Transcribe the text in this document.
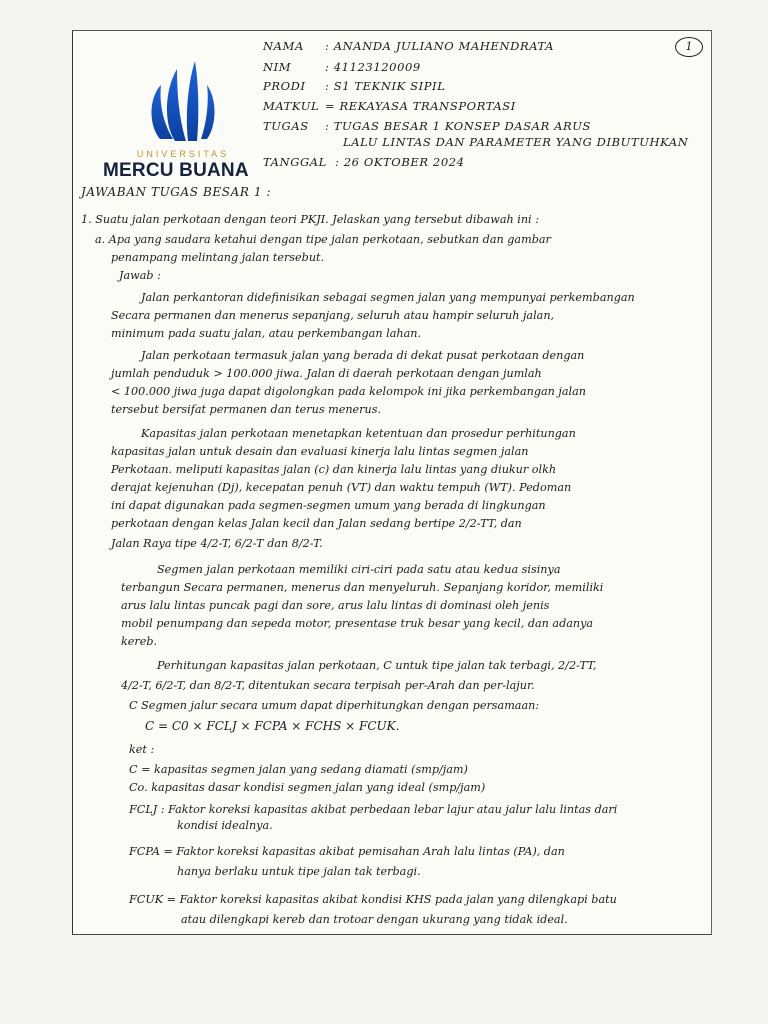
UNIVERSITAS
MERCU BUANA
1
NAMA : ANANDA JULIANO MAHENDRATA
NIM	: 41123120009
PRODI : S1 TEKNIK SIPIL
MATKUL = REKAYASA TRANSPORTASI
TUGAS : TUGAS BESAR 1 KONSEP DASAR ARUS
LALU LINTAS DAN PARAMETER YANG DIBUTUHKAN
TANGGAL : 26 OKTOBER 2024
JAWABAN TUGAS BESAR 1 :
1. Suatu jalan perkotaan dengan teori PKJI. Jelaskan yang tersebut dibawah ini :
a. Apa yang saudara ketahui dengan tipe jalan perkotaan, sebutkan dan gambar
penampang melintang jalan tersebut.
Jawab :
Jalan perkantoran didefinisikan sebagai segmen jalan yang mempunyai perkembangan
Secara permanen dan menerus sepanjang, seluruh atau hampir seluruh jalan,
minimum pada suatu jalan, atau perkembangan lahan.
Jalan perkotaan termasuk jalan yang berada di dekat pusat perkotaan dengan
jumlah penduduk > 100.000 jiwa. Jalan di daerah perkotaan dengan jumlah
< 100.000 jiwa juga dapat digolongkan pada kelompok ini jika perkembangan jalan
tersebut bersifat permanen dan terus menerus.
Kapasitas jalan perkotaan menetapkan ketentuan dan prosedur perhitungan
kapasitas jalan untuk desain dan evaluasi kinerja lalu lintas segmen jalan
Perkotaan. meliputi kapasitas jalan (c) dan kinerja lalu lintas yang diukur olkh
derajat kejenuhan (Dj), kecepatan penuh (VT) dan waktu tempuh (WT). Pedoman
ini dapat digunakan pada segmen-segmen umum yang berada di lingkungan
perkotaan dengan kelas Jalan kecil dan Jalan sedang bertipe 2/2-TT, dan
Jalan Raya tipe 4/2-T, 6/2-T dan 8/2-T.
Segmen jalan perkotaan memiliki ciri-ciri pada satu atau kedua sisinya
terbangun Secara permanen, menerus dan menyeluruh. Sepanjang koridor, memiliki
arus lalu lintas puncak pagi dan sore, arus lalu lintas di dominasi oleh jenis
mobil penumpang dan sepeda motor, presentase truk besar yang kecil, dan adanya
kereb.
Perhitungan kapasitas jalan perkotaan, C untuk tipe jalan tak terbagi, 2/2-TT,
4/2-T, 6/2-T, dan 8/2-T, ditentukan secara terpisah per-Arah dan per-lajur.
C Segmen jalur secara umum dapat diperhitungkan dengan persamaan:
C = C0 × FCLJ × FCPA × FCHS × FCUK.
ket :
C = kapasitas segmen jalan yang sedang diamati (smp/jam)
Co. kapasitas dasar kondisi segmen jalan yang ideal (smp/jam)
FCLJ : Faktor koreksi kapasitas akibat perbedaan lebar lajur atau jalur lalu lintas dari
kondisi idealnya.
FCPA = Faktor koreksi kapasitas akibat pemisahan Arah lalu lintas (PA), dan
hanya berlaku untuk tipe jalan tak terbagi.
FCUK = Faktor koreksi kapasitas akibat kondisi KHS pada jalan yang dilengkapi batu
atau dilengkapi kereb dan trotoar dengan ukurang yang tidak ideal.
